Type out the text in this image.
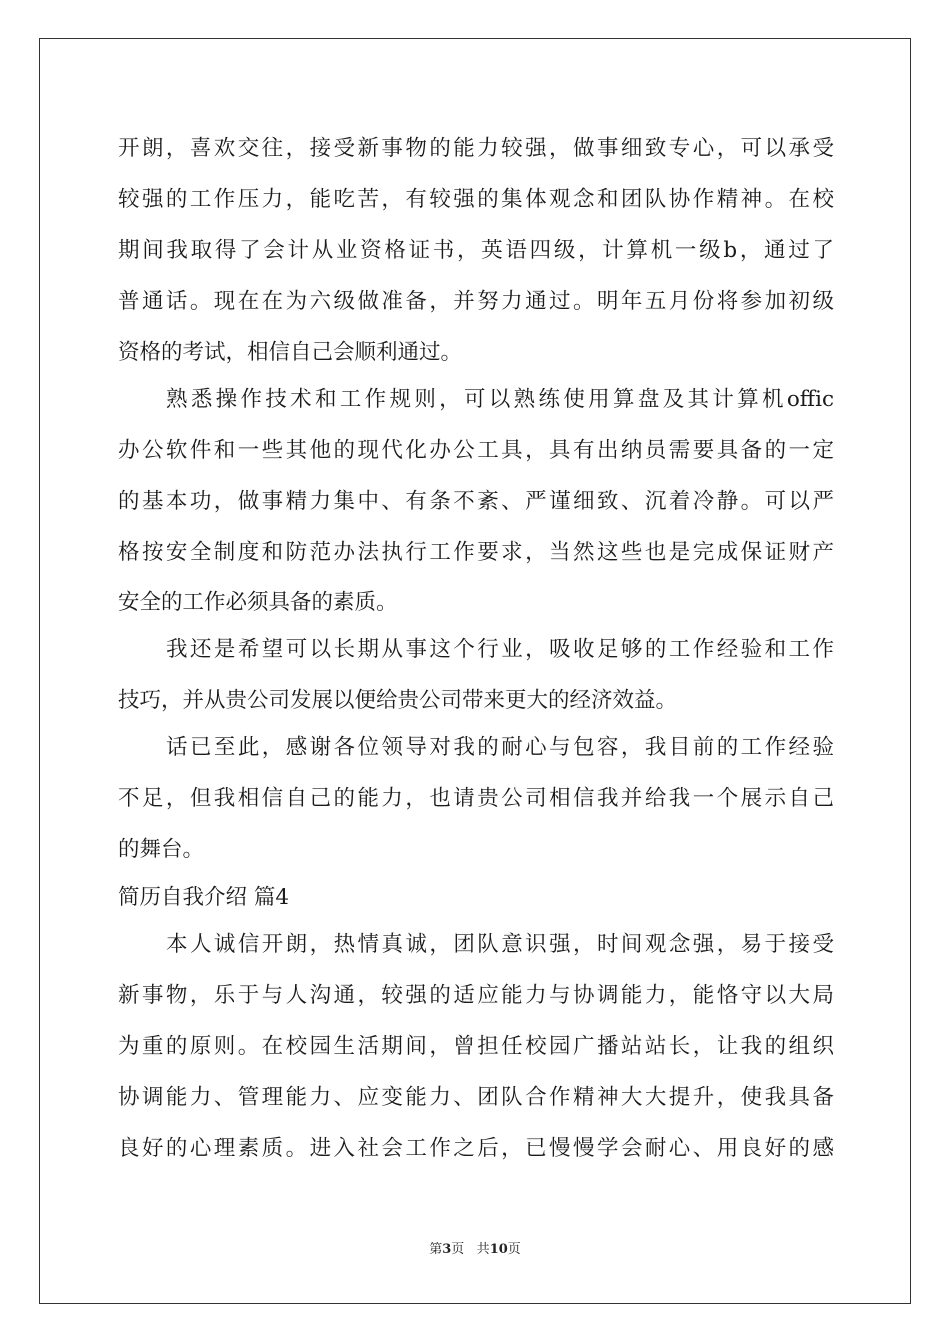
开朗，喜欢交往，接受新事物的能力较强，做事细致专心，可以承受
较强的工作压力，能吃苦，有较强的集体观念和团队协作精神。在校
期间我取得了会计从业资格证书，英语四级，计算机一级b，通过了
普通话。现在在为六级做准备，并努力通过。明年五月份将参加初级
资格的考试，相信自己会顺利通过。
熟悉操作技术和工作规则，可以熟练使用算盘及其计算机offic
办公软件和一些其他的现代化办公工具，具有出纳员需要具备的一定
的基本功，做事精力集中、有条不紊、严谨细致、沉着冷静。可以严
格按安全制度和防范办法执行工作要求，当然这些也是完成保证财产
安全的工作必须具备的素质。
我还是希望可以长期从事这个行业，吸收足够的工作经验和工作
技巧，并从贵公司发展以便给贵公司带来更大的经济效益。
话已至此，感谢各位领导对我的耐心与包容，我目前的工作经验
不足，但我相信自己的能力，也请贵公司相信我并给我一个展示自己
的舞台。
简历自我介绍 篇4
本人诚信开朗，热情真诚，团队意识强，时间观念强，易于接受
新事物，乐于与人沟通，较强的适应能力与协调能力，能恪守以大局
为重的原则。在校园生活期间，曾担任校园广播站站长，让我的组织
协调能力、管理能力、应变能力、团队合作精神大大提升，使我具备
良好的心理素质。进入社会工作之后，已慢慢学会耐心、用良好的感
第3页 共10页
